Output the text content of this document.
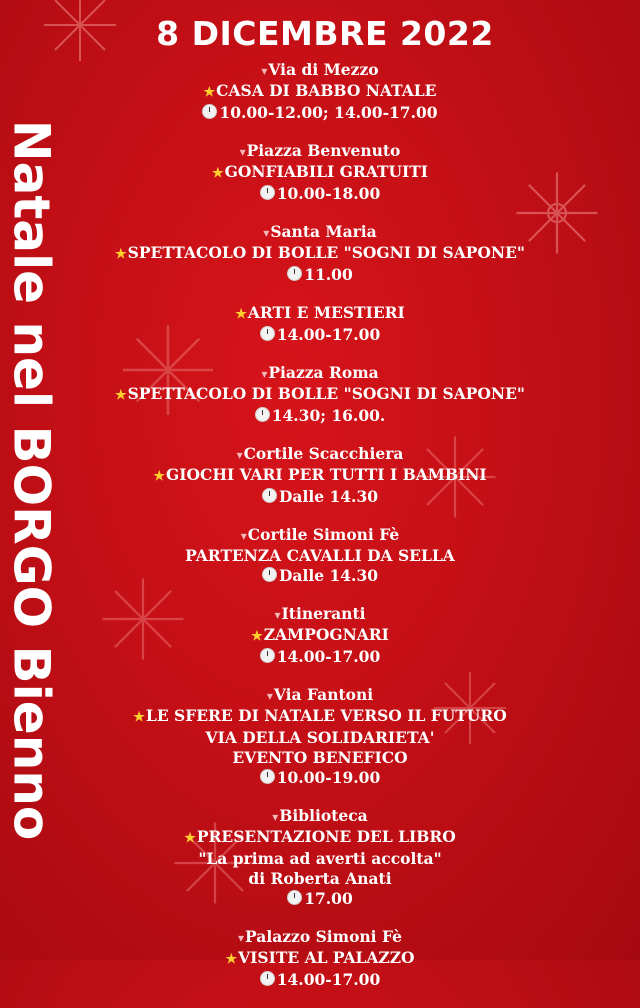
Natale nel BORGO Bienno
8 DICEMBRE 2022
▾Via di Mezzo
★CASA DI BABBO NATALE
10.00-12.00; 14.00-17.00
▾Piazza Benvenuto
★GONFIABILI GRATUITI
10.00-18.00
▾Santa Maria
★SPETTACOLO DI BOLLE "SOGNI DI SAPONE"
11.00
★ARTI E MESTIERI
14.00-17.00
▾Piazza Roma
★SPETTACOLO DI BOLLE "SOGNI DI SAPONE"
14.30; 16.00.
▾Cortile Scacchiera
★GIOCHI VARI PER TUTTI I BAMBINI
Dalle 14.30
▾Cortile Simoni Fè
PARTENZA CAVALLI DA SELLA
Dalle 14.30
▾Itineranti
★ZAMPOGNARI
14.00-17.00
▾Via Fantoni
★LE SFERE DI NATALE VERSO IL FUTURO
VIA DELLA SOLIDARIETA'
EVENTO BENEFICO
10.00-19.00
▾Biblioteca
★PRESENTAZIONE DEL LIBRO
"La prima ad averti accolta"
di Roberta Anati
17.00
▾Palazzo Simoni Fè
★VISITE AL PALAZZO
14.00-17.00
